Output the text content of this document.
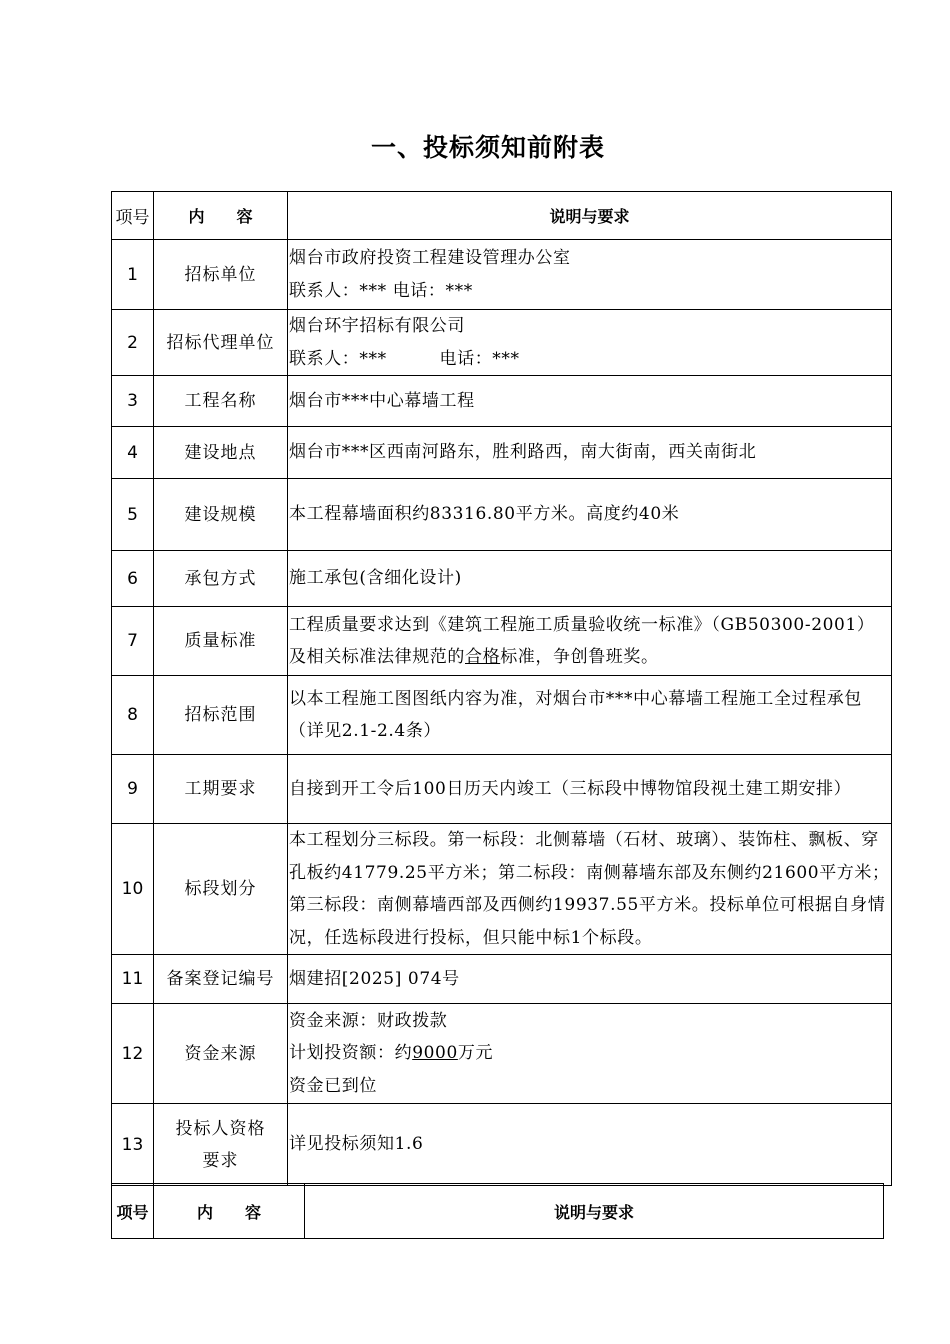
一、投标须知前附表
项号	内　　容	说明与要求
1	招标单位	烟台市政府投资工程建设管理办公室
联系人：*** 电话：***

2	招标代理单位	烟台环宇招标有限公司
联系人：***　　　电话：***

3	工程名称	烟台市***中心幕墙工程

4	建设地点	烟台市***区西南河路东，胜利路西，南大街南，西关南街北

5	建设规模	本工程幕墙面积约83316.80平方米。高度约40米

6	承包方式	施工承包(含细化设计)

7	质量标准	工程质量要求达到《建筑工程施工质量验收统一标准》（GB50300-2001）及相关标准法律规范的合格标准，争创鲁班奖。

8	招标范围	以本工程施工图图纸内容为准，对烟台市***中心幕墙工程施工全过程承包（详见2.1-2.4条）

9	工期要求	自接到开工令后100日历天内竣工（三标段中博物馆段视土建工期安排）

10	标段划分	本工程划分三标段。第一标段：北侧幕墙（石材、玻璃）、装饰柱、飘板、穿孔板约41779.25平方米；第二标段：南侧幕墙东部及东侧约21600平方米；第三标段：南侧幕墙西部及西侧约19937.55平方米。投标单位可根据自身情况，任选标段进行投标，但只能中标1个标段。

11	备案登记编号	烟建招[2025] 074号

12	资金来源	资金来源：财政拨款
计划投资额：约9000万元
资金已到位

13	投标人资格
要求	详见投标须知1.6
项号	内　　容	说明与要求
